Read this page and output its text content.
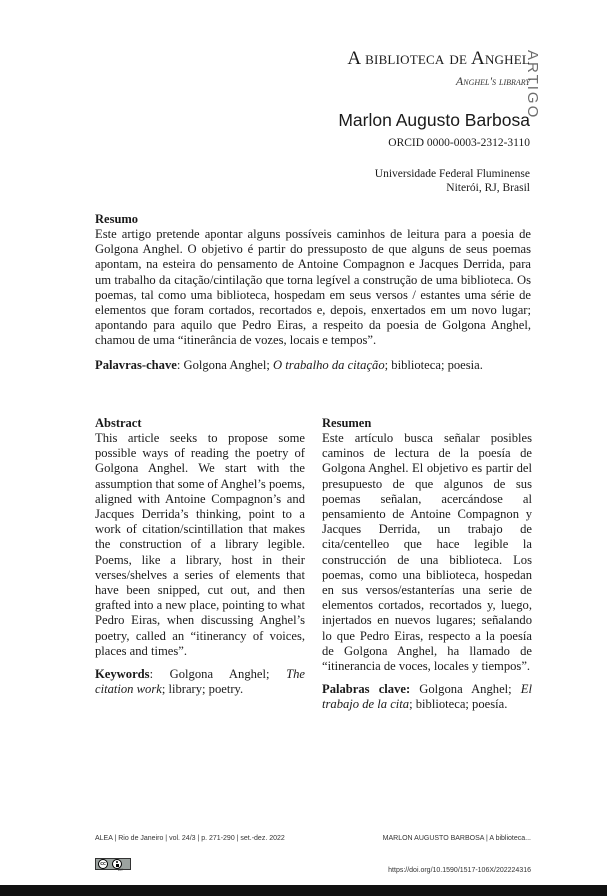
ARTIGO
A biblioteca de Anghel
Anghel's library
Marlon Augusto Barbosa
ORCID 0000-0003-2312-3110
Universidade Federal Fluminense
Niterói, RJ, Brasil
Resumo
Este artigo pretende apontar alguns possíveis caminhos de leitura para a poesia de Golgona Anghel. O objetivo é partir do pressuposto de que alguns de seus poemas apontam, na esteira do pensamento de Antoine Compagnon e Jacques Derrida, para um trabalho da citação/cintilação que torna legível a construção de uma biblioteca. Os poemas, tal como uma biblioteca, hospedam em seus versos / estantes uma série de elementos que foram cortados, recortados e, depois, enxertados em um novo lugar; apontando para aquilo que Pedro Eiras, a respeito da poesia de Golgona Anghel, chamou de uma “itinerância de vozes, locais e tempos”.
Palavras-chave: Golgona Anghel; O trabalho da citação; biblioteca; poesia.
Abstract

This article seeks to propose some possible ways of reading the poetry of Golgona Anghel. We start with the assumption that some of Anghel’s poems, aligned with Antoine Compagnon’s and Jacques Derrida’s thinking, point to a work of citation/scintillation that makes the construction of a library legible. Poems, like a library, host in their verses/shelves a series of elements that have been snipped, cut out, and then grafted into a new place, pointing to what Pedro Eiras, when discussing Anghel’s poetry, called an “itinerancy of voices, places and times”.

Keywords: Golgona Anghel; The citation work; library; poetry.
Resumen

Este artículo busca señalar posibles caminos de lectura de la poesía de Golgona Anghel. El objetivo es partir del presupuesto de que algunos de sus poemas señalan, acercándose al pensamiento de Antoine Compagnon y Jacques Derrida, un trabajo de cita/centelleo que hace legible la construcción de una biblioteca. Los poemas, como una biblioteca, hospedan en sus versos/estanterías una serie de elementos cortados, recortados y, luego, injertados en nuevos lugares; señalando lo que Pedro Eiras, respecto a la poesía de Golgona Anghel, ha llamado de “itinerancia de voces, locales y tiempos”.

Palabras clave: Golgona Anghel; El trabajo de la cita; biblioteca; poesía.
ALEA | Rio de Janeiro | vol. 24/3 | p. 271-290 | set.-dez. 2022	MARLON AUGUSTO BARBOSA | A biblioteca...
cc
BY	https://doi.org/10.1590/1517-106X/202224316
